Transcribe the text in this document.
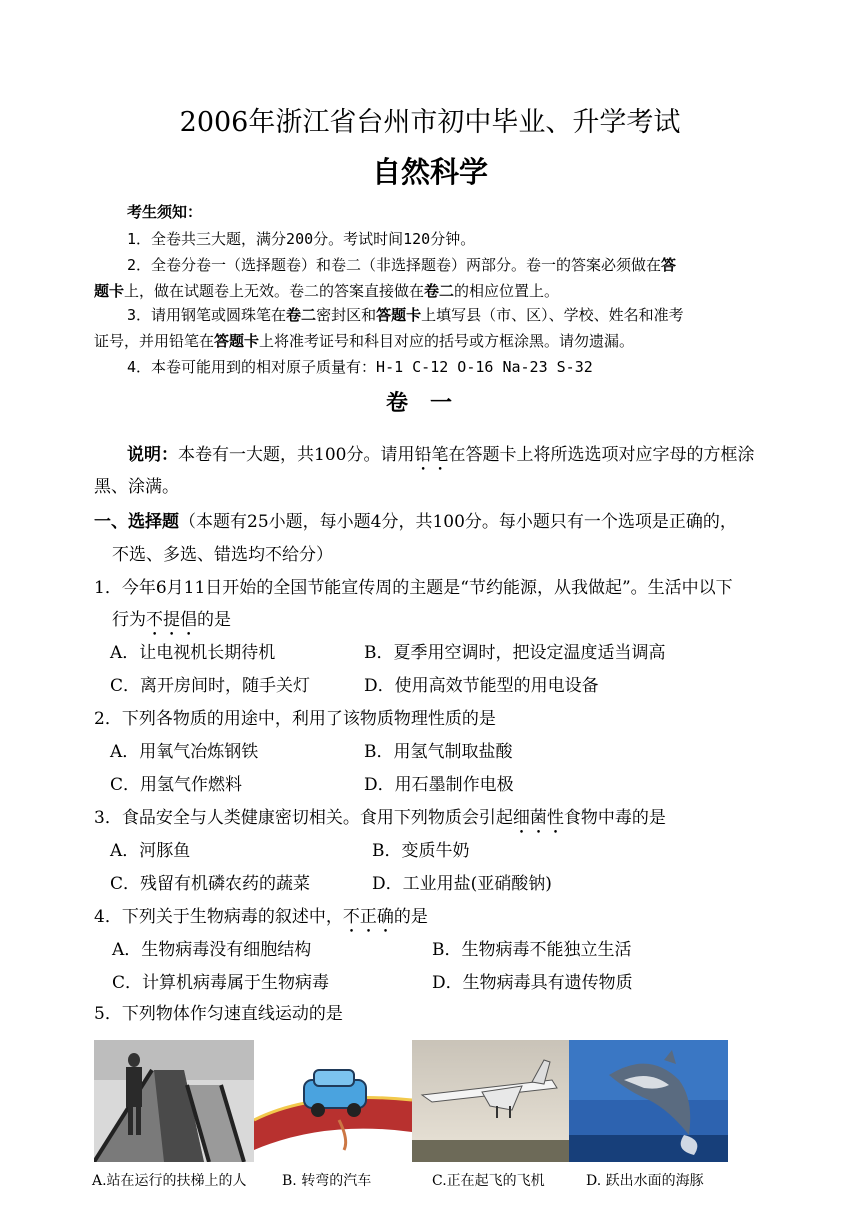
2006年浙江省台州市初中毕业、升学考试
自然科学
考生须知：
1．全卷共三大题，满分200分。考试时间120分钟。
2．全卷分卷一（选择题卷）和卷二（非选择题卷）两部分。卷一的答案必须做在答
题卡上，做在试题卷上无效。卷二的答案直接做在卷二的相应位置上。
3．请用钢笔或圆珠笔在卷二密封区和答题卡上填写县（市、区）、学校、姓名和准考
证号，并用铅笔在答题卡上将准考证号和科目对应的括号或方框涂黑。请勿遗漏。
4．本卷可能用到的相对原子质量有：H-1 C-12 O-16 Na-23 S-32
卷一
说明：本卷有一大题，共100分。请用铅笔在答题卡上将所选选项对应字母的方框涂
黑、涂满。
一、选择题（本题有25小题，每小题4分，共100分。每小题只有一个选项是正确的，
不选、多选、错选均不给分）
1．今年6月11日开始的全国节能宣传周的主题是“节约能源，从我做起”。生活中以下
行为不提倡的是
A．让电视机长期待机	B．夏季用空调时，把设定温度适当调高
C．离开房间时，随手关灯	D．使用高效节能型的用电设备
2．下列各物质的用途中，利用了该物质物理性质的是
A．用氧气冶炼钢铁	B．用氢气制取盐酸
C．用氢气作燃料	D．用石墨制作电极
3．食品安全与人类健康密切相关。食用下列物质会引起细菌性食物中毒的是
A．河豚鱼	B．变质牛奶
C．残留有机磷农药的蔬菜	D．工业用盐(亚硝酸钠)
4．下列关于生物病毒的叙述中，不正确的是
A．生物病毒没有细胞结构	B．生物病毒不能独立生活
C．计算机病毒属于生物病毒	D．生物病毒具有遗传物质
5．下列物体作匀速直线运动的是
A.站在运行的扶梯上的人	B. 转弯的汽车	C.正在起飞的飞机	D. 跃出水面的海豚
